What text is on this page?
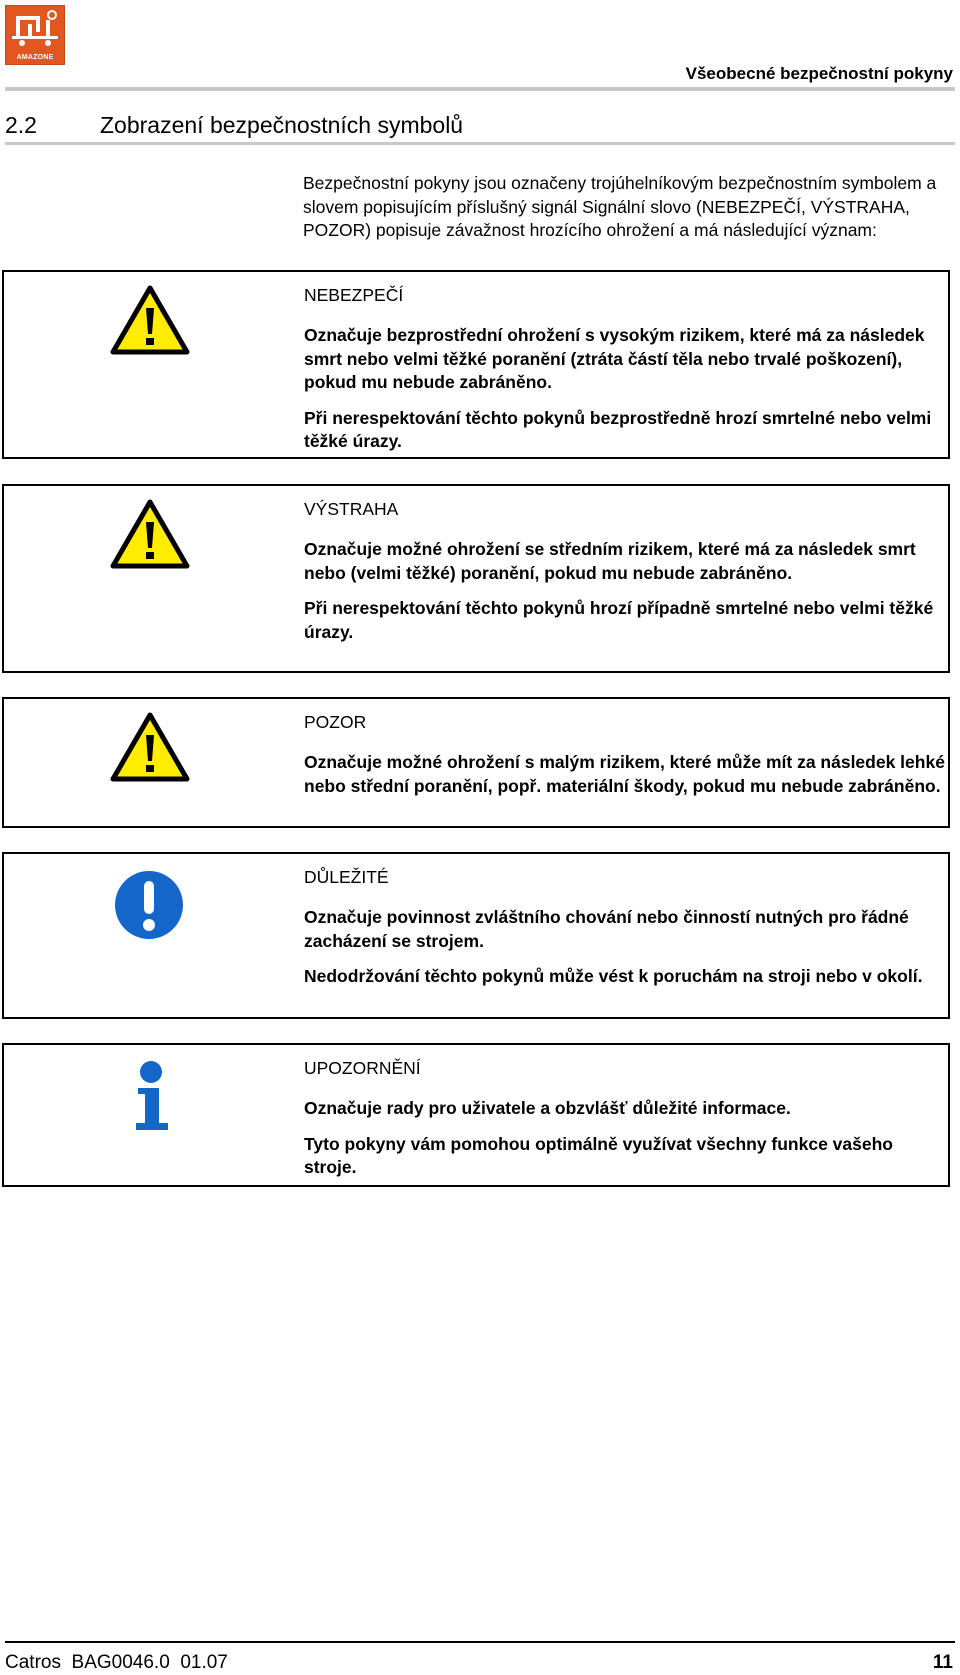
AMAZONE
Všeobecné bezpečnostní pokyny
2.2	Zobrazení bezpečnostních symbolů
Bezpečnostní pokyny jsou označeny trojúhelníkovým bezpečnostním symbolem a slovem popisujícím příslušný signál Signální slovo (NEBEZPEČÍ, VÝSTRAHA, POZOR) popisuje závažnost hrozícího ohrožení a má následující význam:

NEBEZPEČÍ

Označuje bezprostřední ohrožení s vysokým rizikem, které má za následek smrt nebo velmi těžké poranění (ztráta částí těla nebo trvalé poškození), pokud mu nebude zabráněno.

Při nerespektování těchto pokynů bezprostředně hrozí smrtelné nebo velmi těžké úrazy.

VÝSTRAHA

Označuje možné ohrožení se středním rizikem, které má za následek smrt nebo (velmi těžké) poranění, pokud mu nebude zabráněno.

Při nerespektování těchto pokynů hrozí případně smrtelné nebo velmi těžké úrazy.

POZOR

Označuje možné ohrožení s malým rizikem, které může mít za následek lehké nebo střední poranění, popř. materiální škody, pokud mu nebude zabráněno.

DŮLEŽITÉ

Označuje povinnost zvláštního chování nebo činností nutných pro řádné zacházení se strojem.

Nedodržování těchto pokynů může vést k poruchám na stroji nebo v okolí.

UPOZORNĚNÍ

Označuje rady pro uživatele a obzvlášť důležité informace.

Tyto pokyny vám pomohou optimálně využívat všechny funkce vašeho stroje.

Catros  BAG0046.0  01.07	11
